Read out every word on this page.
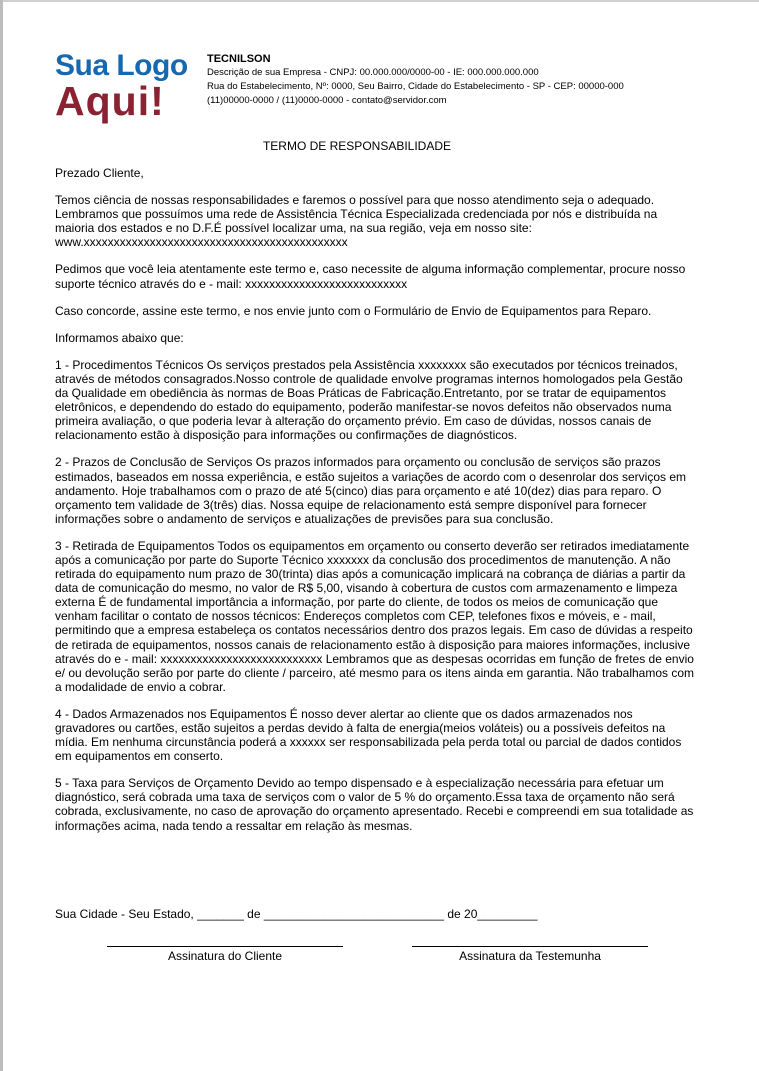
Sua Logo
Aqui!
TECNILSON
Descrição de sua Empresa - CNPJ: 00.000.000/0000-00 - IE: 000.000.000.000
Rua do Estabelecimento, Nº: 0000, Seu Bairro, Cidade do Estabelecimento - SP - CEP: 00000-000
(11)00000-0000 / (11)0000-0000 - contato@servidor.com
TERMO DE RESPONSABILIDADE

Prezado Cliente,

Temos ciência de nossas responsabilidades e faremos o possível para que nosso atendimento seja o adequado. Lembramos que possuímos uma rede de Assistência Técnica Especializada credenciada por nós e distribuída na maioria dos estados e no D.F.É possível localizar uma, na sua região, veja em nosso site: www.xxxxxxxxxxxxxxxxxxxxxxxxxxxxxxxxxxxxxxxxxxxx

Pedimos que você leia atentamente este termo e, caso necessite de alguma informação complementar, procure nosso suporte técnico através do e - mail: xxxxxxxxxxxxxxxxxxxxxxxxxxx

Caso concorde, assine este termo, e nos envie junto com o Formulário de Envio de Equipamentos para Reparo.

Informamos abaixo que:

1 - Procedimentos Técnicos Os serviços prestados pela Assistência xxxxxxxx são executados por técnicos treinados, através de métodos consagrados.Nosso controle de qualidade envolve programas internos homologados pela Gestão da Qualidade em obediência às normas de Boas Práticas de Fabricação.Entretanto, por se tratar de equipamentos eletrônicos, e dependendo do estado do equipamento, poderão manifestar-se novos defeitos não observados numa primeira avaliação, o que poderia levar à alteração do orçamento prévio. Em caso de dúvidas, nossos canais de relacionamento estão à disposição para informações ou confirmações de diagnósticos.

2 - Prazos de Conclusão de Serviços Os prazos informados para orçamento ou conclusão de serviços são prazos estimados, baseados em nossa experiência, e estão sujeitos a variações de acordo com o desenrolar dos serviços em andamento. Hoje trabalhamos com o prazo de até 5(cinco) dias para orçamento e até 10(dez) dias para reparo. O orçamento tem validade de 3(três) dias. Nossa equipe de relacionamento está sempre disponível para fornecer informações sobre o andamento de serviços e atualizações de previsões para sua conclusão.

3 - Retirada de Equipamentos Todos os equipamentos em orçamento ou conserto deverão ser retirados imediatamente após a comunicação por parte do Suporte Técnico xxxxxxx da conclusão dos procedimentos de manutenção. A não retirada do equipamento num prazo de 30(trinta) dias após a comunicação implicará na cobrança de diárias a partir da data de comunicação do mesmo, no valor de R$ 5,00, visando à cobertura de custos com armazenamento e limpeza externa É de fundamental importância a informação, por parte do cliente, de todos os meios de comunicação que venham facilitar o contato de nossos técnicos: Endereços completos com CEP, telefones fixos e móveis, e - mail, permitindo que a empresa estabeleça os contatos necessários dentro dos prazos legais. Em caso de dúvidas a respeito de retirada de equipamentos, nossos canais de relacionamento estão à disposição para maiores informações, inclusive através do e - mail: xxxxxxxxxxxxxxxxxxxxxxxxxxx Lembramos que as despesas ocorridas em função de fretes de envio e/ ou devolução serão por parte do cliente / parceiro, até mesmo para os itens ainda em garantia. Não trabalhamos com a modalidade de envio a cobrar.

4 - Dados Armazenados nos Equipamentos É nosso dever alertar ao cliente que os dados armazenados nos gravadores ou cartões, estão sujeitos a perdas devido à falta de energia(meios voláteis) ou a possíveis defeitos na mídia. Em nenhuma circunstância poderá a xxxxxx ser responsabilizada pela perda total ou parcial de dados contidos em equipamentos em conserto.

5 - Taxa para Serviços de Orçamento Devido ao tempo dispensado e à especialização necessária para efetuar um diagnóstico, será cobrada uma taxa de serviços com o valor de 5 % do orçamento.Essa taxa de orçamento não será cobrada, exclusivamente, no caso de aprovação do orçamento apresentado. Recebi e compreendi em sua totalidade as informações acima, nada tendo a ressaltar em relação às mesmas.

Sua Cidade - Seu Estado, _______ de ___________________________ de 20_________
Assinatura do Cliente	Assinatura da Testemunha
